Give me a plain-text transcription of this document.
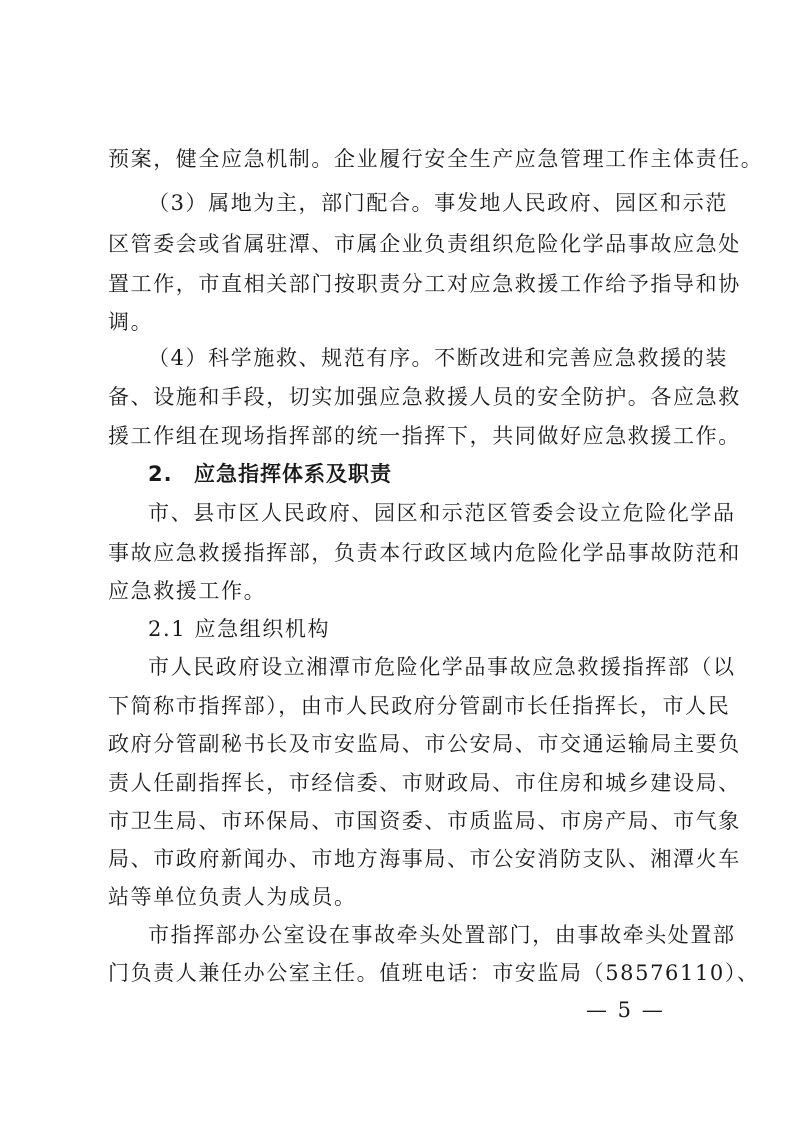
预案，健全应急机制。企业履行安全生产应急管理工作主体责任。

（3）属地为主，部门配合。事发地人民政府、园区和示范

区管委会或省属驻潭、市属企业负责组织危险化学品事故应急处

置工作，市直相关部门按职责分工对应急救援工作给予指导和协

调。

（4）科学施救、规范有序。不断改进和完善应急救援的装

备、设施和手段，切实加强应急救援人员的安全防护。各应急救

援工作组在现场指挥部的统一指挥下，共同做好应急救援工作。

2. 应急指挥体系及职责

市、县市区人民政府、园区和示范区管委会设立危险化学品

事故应急救援指挥部，负责本行政区域内危险化学品事故防范和

应急救援工作。

2.1 应急组织机构

市人民政府设立湘潭市危险化学品事故应急救援指挥部（以

下简称市指挥部），由市人民政府分管副市长任指挥长，市人民

政府分管副秘书长及市安监局、市公安局、市交通运输局主要负

责人任副指挥长，市经信委、市财政局、市住房和城乡建设局、

市卫生局、市环保局、市国资委、市质监局、市房产局、市气象

局、市政府新闻办、市地方海事局、市公安消防支队、湘潭火车

站等单位负责人为成员。

市指挥部办公室设在事故牵头处置部门，由事故牵头处置部

门负责人兼任办公室主任。值班电话：市安监局（58576110）、

— 5 —
